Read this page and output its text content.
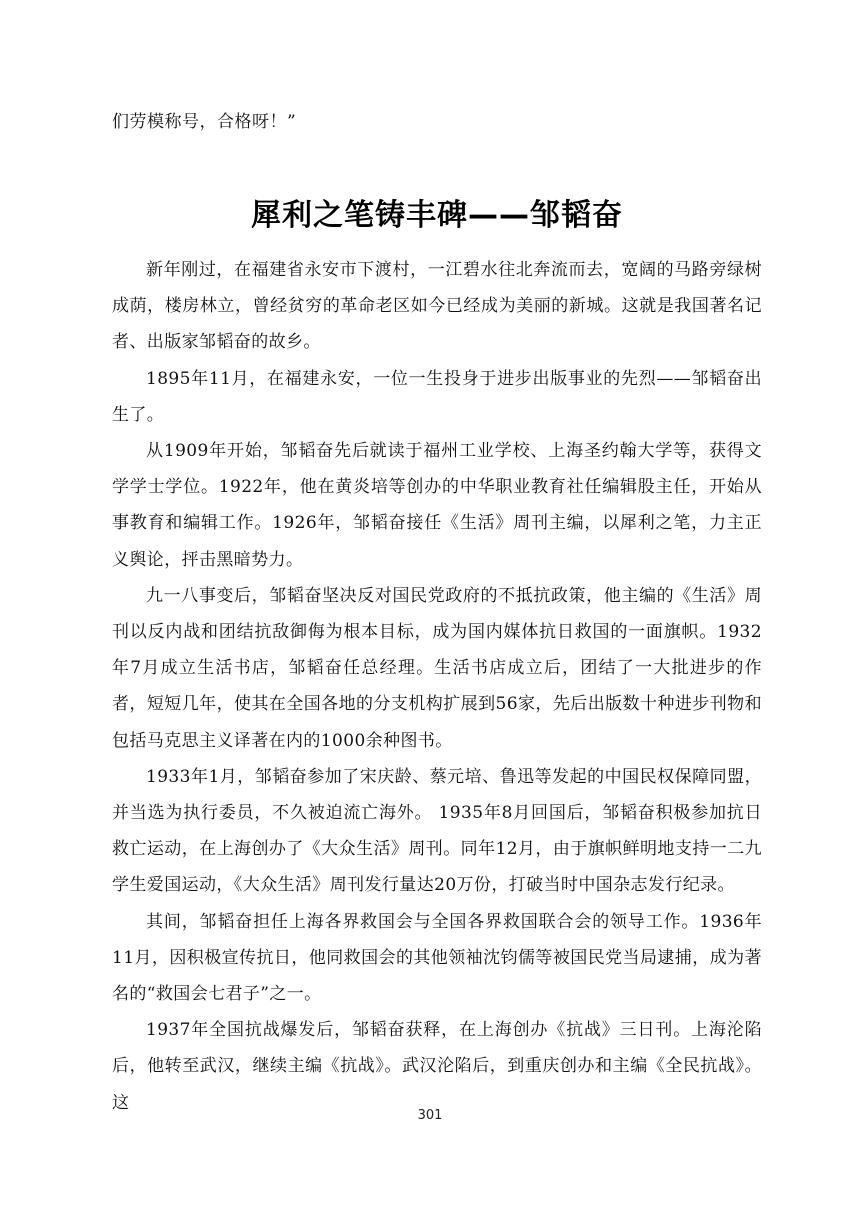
们劳模称号，合格呀！”
犀利之笔铸丰碑——邹韬奋

新年刚过，在福建省永安市下渡村，一江碧水往北奔流而去，宽阔的马路旁绿树成荫，楼房林立，曾经贫穷的革命老区如今已经成为美丽的新城。这就是我国著名记者、出版家邹韬奋的故乡。

1895年11月，在福建永安，一位一生投身于进步出版事业的先烈——邹韬奋出生了。

从1909年开始，邹韬奋先后就读于福州工业学校、上海圣约翰大学等，获得文学学士学位。1922年，他在黄炎培等创办的中华职业教育社任编辑股主任，开始从事教育和编辑工作。1926年，邹韬奋接任《生活》周刊主编，以犀利之笔，力主正义舆论，抨击黑暗势力。

九一八事变后，邹韬奋坚决反对国民党政府的不抵抗政策，他主编的《生活》周刊以反内战和团结抗敌御侮为根本目标，成为国内媒体抗日救国的一面旗帜。1932年7月成立生活书店，邹韬奋任总经理。生活书店成立后，团结了一大批进步的作者，短短几年，使其在全国各地的分支机构扩展到56家，先后出版数十种进步刊物和包括马克思主义译著在内的1000余种图书。

1933年1月，邹韬奋参加了宋庆龄、蔡元培、鲁迅等发起的中国民权保障同盟，并当选为执行委员，不久被迫流亡海外。 1935年8月回国后，邹韬奋积极参加抗日救亡运动，在上海创办了《大众生活》周刊。同年12月，由于旗帜鲜明地支持一二九学生爱国运动，《大众生活》周刊发行量达20万份，打破当时中国杂志发行纪录。

其间，邹韬奋担任上海各界救国会与全国各界救国联合会的领导工作。1936年11月，因积极宣传抗日，他同救国会的其他领袖沈钧儒等被国民党当局逮捕，成为著名的“救国会七君子”之一。

1937年全国抗战爆发后，邹韬奋获释，在上海创办《抗战》三日刊。上海沦陷后，他转至武汉，继续主编《抗战》。武汉沦陷后，到重庆创办和主编《全民抗战》。这

301
